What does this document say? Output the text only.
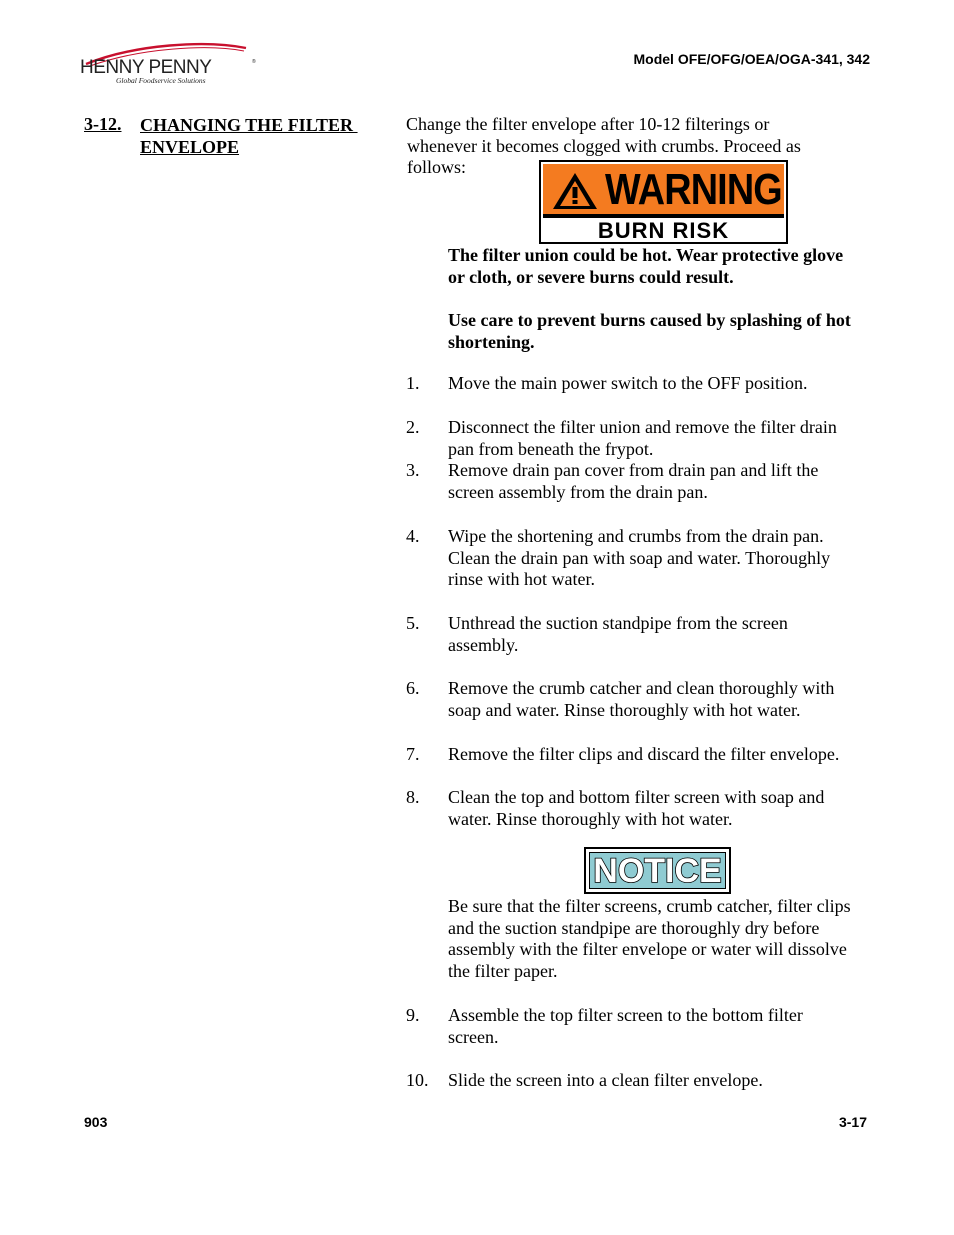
HENNY PENNY	®
Global Foodservice Solutions
Model OFE/OFG/OEA/OGA-341, 342
3-12. CHANGING THE FILTER
ENVELOPE
Change the filter envelope after 10-12 filterings or
whenever it becomes clogged with crumbs. Proceed as
follows:	WARNING
BURN RISK
The filter union could be hot. Wear protective glove
or cloth, or severe burns could result.
Use care to prevent burns caused by splashing of hot
shortening.
1. Move the main power switch to the OFF position.
2. Disconnect the filter union and remove the filter drain
pan from beneath the frypot.
3. Remove drain pan cover from drain pan and lift the
screen assembly from the drain pan.
4. Wipe the shortening and crumbs from the drain pan.
Clean the drain pan with soap and water. Thoroughly
rinse with hot water.
5. Unthread the suction standpipe from the screen
assembly.
6. Remove the crumb catcher and clean thoroughly with
soap and water. Rinse thoroughly with hot water.
7. Remove the filter clips and discard the filter envelope.
8. Clean the top and bottom filter screen with soap and
water. Rinse thoroughly with hot water.
NOTICE
Be sure that the filter screens, crumb catcher, filter clips
and the suction standpipe are thoroughly dry before
assembly with the filter envelope or water will dissolve
the filter paper.
9. Assemble the top filter screen to the bottom filter
screen.
10. Slide the screen into a clean filter envelope.
903	3-17
